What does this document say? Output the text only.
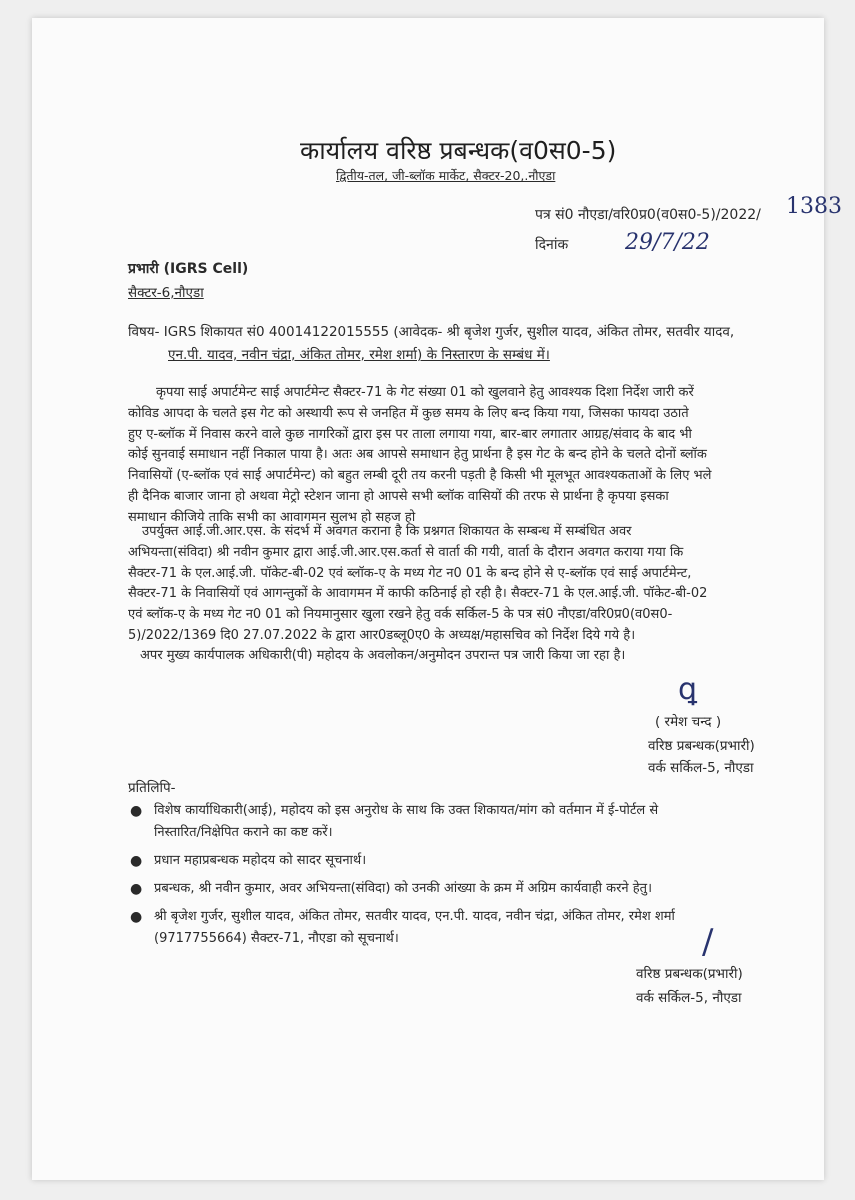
कार्यालय वरिष्ठ प्रबन्धक(व0स0-5)
द्वितीय-तल, जी-ब्लॉक मार्केट, सैक्टर-20,.नौएडा
पत्र सं0 नौएडा/वरि0प्र0(व0स0-5)/2022/ 1383
दिनांक	29/7/22
प्रभारी (IGRS Cell)
सैक्टर-6,नौएडा
विषय- IGRS शिकायत सं0 40014122015555 (आवेदक- श्री बृजेश गुर्जर, सुशील यादव, अंकित तोमर, सतवीर यादव,
एन.पी. यादव, नवीन चंद्रा, अंकित तोमर, रमेश शर्मा) के निस्तारण के सम्बंध में।
कृपया साई अपार्टमेन्ट साई अपार्टमेन्ट सैक्टर-71 के गेट संख्या 01 को खुलवाने हेतु आवश्यक दिशा निर्देश जारी करें
कोविड आपदा के चलते इस गेट को अस्थायी रूप से जनहित में कुछ समय के लिए बन्द किया गया, जिसका फायदा उठाते
हुए ए-ब्लॉक में निवास करने वाले कुछ नागरिकों द्वारा इस पर ताला लगाया गया, बार-बार लगातार आग्रह/संवाद के बाद भी
कोई सुनवाई समाधान नहीं निकाल पाया है। अतः अब आपसे समाधान हेतु प्रार्थना है इस गेट के बन्द होने के चलते दोनों ब्लॉक
निवासियों (ए-ब्लॉक एवं साई अपार्टमेन्ट) को बहुत लम्बी दूरी तय करनी पड़ती है किसी भी मूलभूत आवश्यकताओं के लिए भले
ही दैनिक बाजार जाना हो अथवा मेट्रो स्टेशन जाना हो आपसे सभी ब्लॉक वासियों की तरफ से प्रार्थना है कृपया इसका
समाधान कीजिये ताकि सभी का आवागमन सुलभ हो सहज हो
उपर्युक्त आई.जी.आर.एस. के संदर्भ में अवगत कराना है कि प्रश्नगत शिकायत के सम्बन्ध में सम्बंधित अवर
अभियन्ता(संविदा) श्री नवीन कुमार द्वारा आई.जी.आर.एस.कर्ता से वार्ता की गयी, वार्ता के दौरान अवगत कराया गया कि
सैक्टर-71 के एल.आई.जी. पॉकेट-बी-02 एवं ब्लॉक-ए के मध्य गेट न0 01 के बन्द होने से ए-ब्लॉक एवं साई अपार्टमेन्ट,
सैक्टर-71 के निवासियों एवं आगन्तुकों के आवागमन में काफी कठिनाई हो रही है। सैक्टर-71 के एल.आई.जी. पॉकेट-बी-02
एवं ब्लॉक-ए के मध्य गेट न0 01 को नियमानुसार खुला रखने हेतु वर्क सर्किल-5 के पत्र सं0 नौएडा/वरि0प्र0(व0स0-
5)/2022/1369 दि0 27.07.2022 के द्वारा आर0डब्लू0ए0 के अध्यक्ष/महासचिव को निर्देश दिये गये है।
अपर मुख्य कार्यपालक अधिकारी(पी) महोदय के अवलोकन/अनुमोदन उपरान्त पत्र जारी किया जा रहा है।
ꝗ
( रमेश चन्द )
वरिष्ठ प्रबन्धक(प्रभारी)
वर्क सर्किल-5, नौएडा
प्रतिलिपि-
● विशेष कार्याधिकारी(आई), महोदय को इस अनुरोध के साथ कि उक्त शिकायत/मांग को वर्तमान में ई-पोर्टल से
निस्तारित/निक्षेपित कराने का कष्ट करें।
● प्रधान महाप्रबन्धक महोदय को सादर सूचनार्थ।
● प्रबन्धक, श्री नवीन कुमार, अवर अभियन्ता(संविदा) को उनकी आंख्या के क्रम में अग्रिम कार्यवाही करने हेतु।
● श्री बृजेश गुर्जर, सुशील यादव, अंकित तोमर, सतवीर यादव, एन.पी. यादव, नवीन चंद्रा, अंकित तोमर, रमेश शर्मा
(9717755664) सैक्टर-71, नौएडा को सूचनार्थ।	/
वरिष्ठ प्रबन्धक(प्रभारी)
वर्क सर्किल-5, नौएडा
